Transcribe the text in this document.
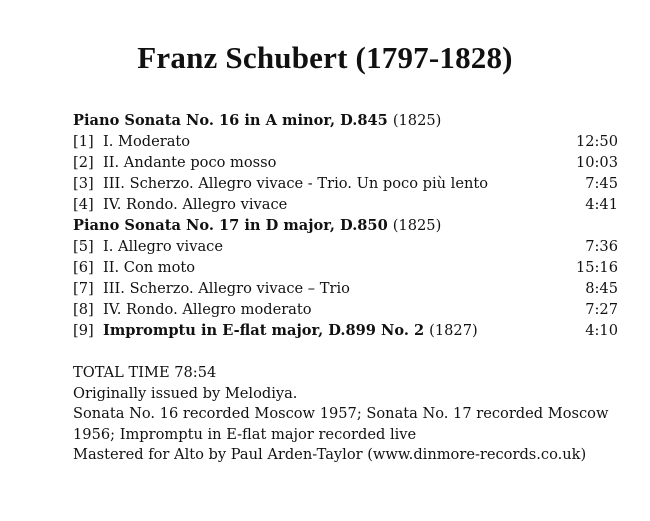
Franz Schubert (1797-1828)
Piano Sonata No. 16 in A minor, D.845 (1825)
[1] I. Moderato	12:50
[2] II. Andante poco mosso	10:03
[3] III. Scherzo. Allegro vivace - Trio. Un poco più lento	7:45
[4] IV. Rondo. Allegro vivace	4:41
Piano Sonata No. 17 in D major, D.850 (1825)
[5] I. Allegro vivace	7:36
[6] II. Con moto	15:16
[7] III. Scherzo. Allegro vivace – Trio	8:45
[8] IV. Rondo. Allegro moderato	7:27
[9] Impromptu in E-flat major, D.899 No. 2 (1827)	4:10
TOTAL TIME 78:54
Originally issued by Melodiya.
Sonata No. 16 recorded Moscow 1957; Sonata No. 17 recorded Moscow
1956; Impromptu in E-flat major recorded live
Mastered for Alto by Paul Arden-Taylor (www.dinmore-records.co.uk)
